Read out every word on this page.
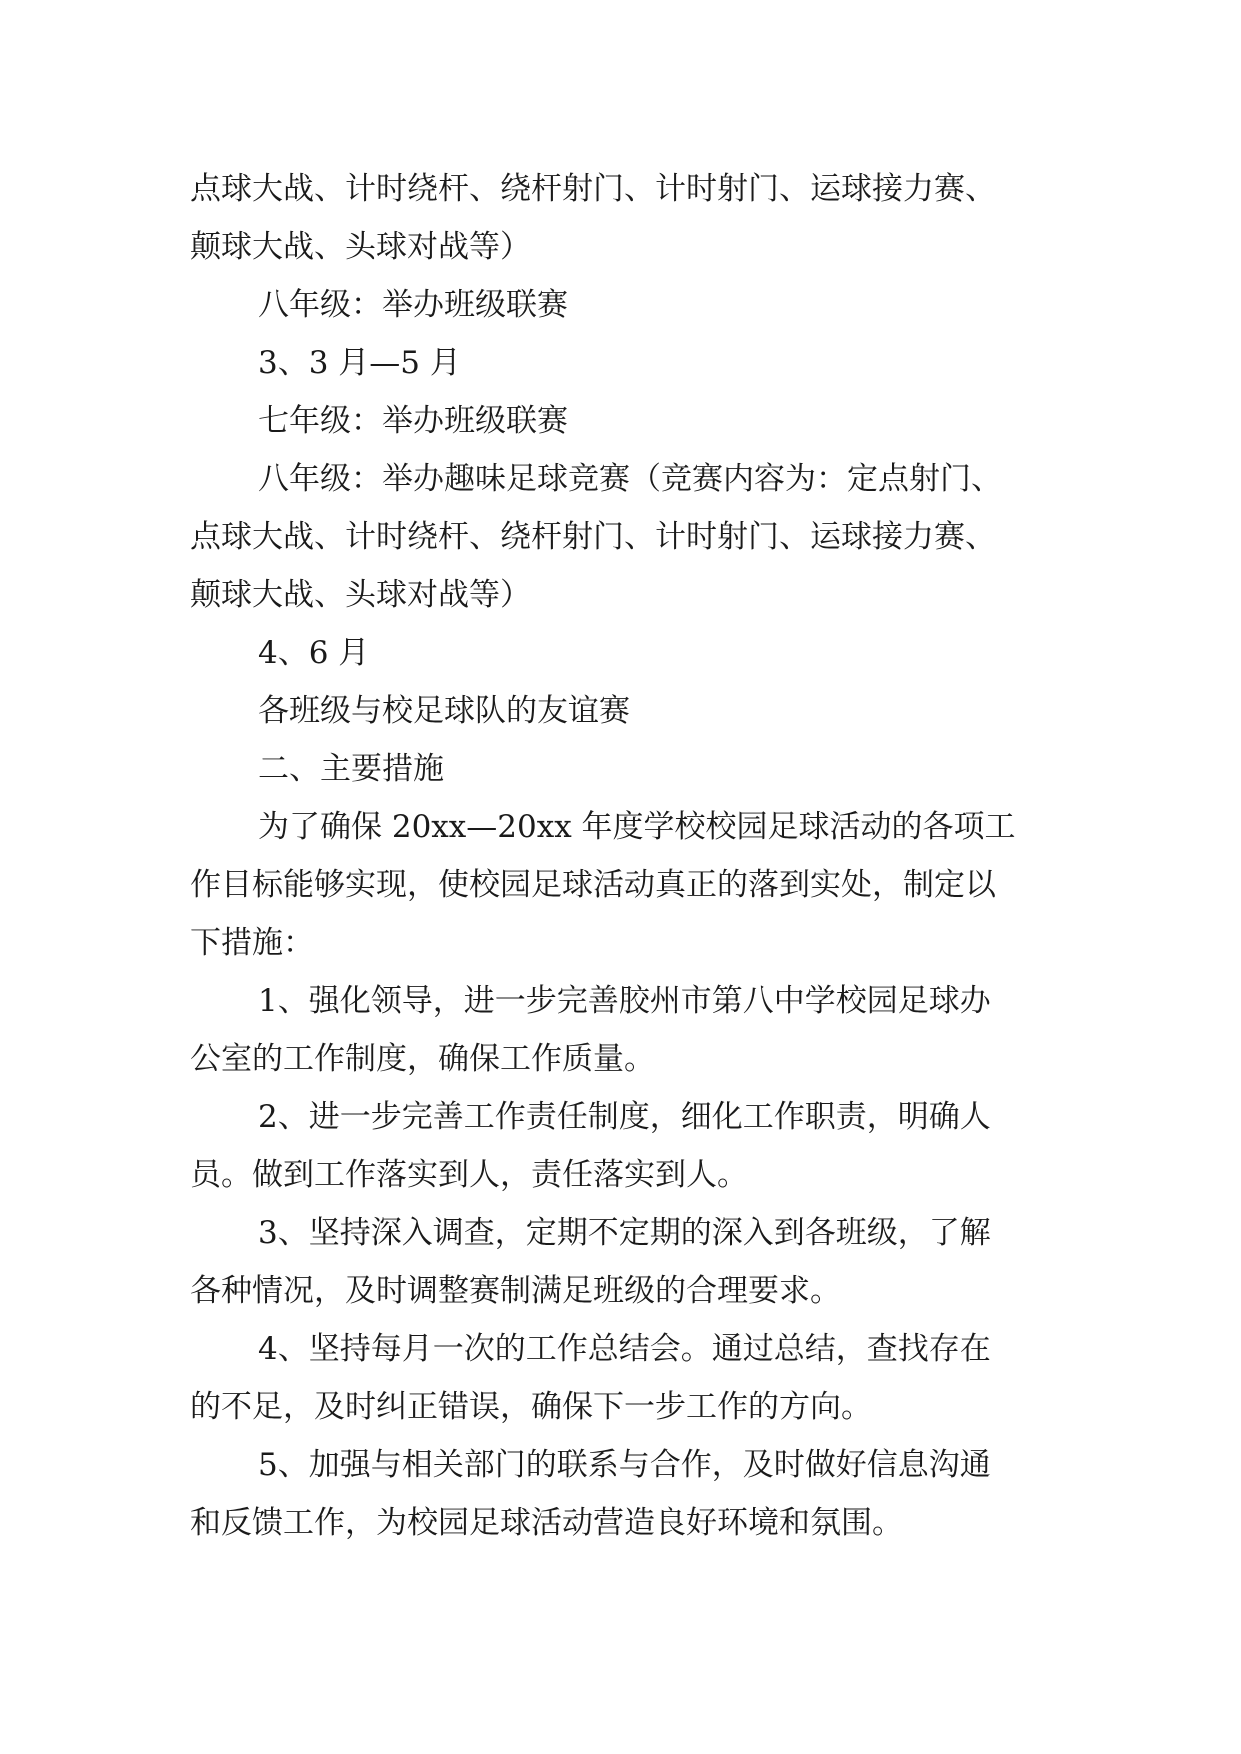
点球大战、计时绕杆、绕杆射门、计时射门、运球接力赛、
颠球大战、头球对战等）
八年级：举办班级联赛
3、3 月—5 月
七年级：举办班级联赛
八年级：举办趣味足球竞赛（竞赛内容为：定点射门、
点球大战、计时绕杆、绕杆射门、计时射门、运球接力赛、
颠球大战、头球对战等）
4、6 月
各班级与校足球队的友谊赛
二、主要措施
为了确保 20xx—20xx 年度学校校园足球活动的各项工
作目标能够实现，使校园足球活动真正的落到实处，制定以
下措施：
1、强化领导，进一步完善胶州市第八中学校园足球办
公室的工作制度，确保工作质量。
2、进一步完善工作责任制度，细化工作职责，明确人
员。做到工作落实到人，责任落实到人。
3、坚持深入调查，定期不定期的深入到各班级，了解
各种情况，及时调整赛制满足班级的合理要求。
4、坚持每月一次的工作总结会。通过总结，查找存在
的不足，及时纠正错误，确保下一步工作的方向。
5、加强与相关部门的联系与合作，及时做好信息沟通
和反馈工作，为校园足球活动营造良好环境和氛围。
